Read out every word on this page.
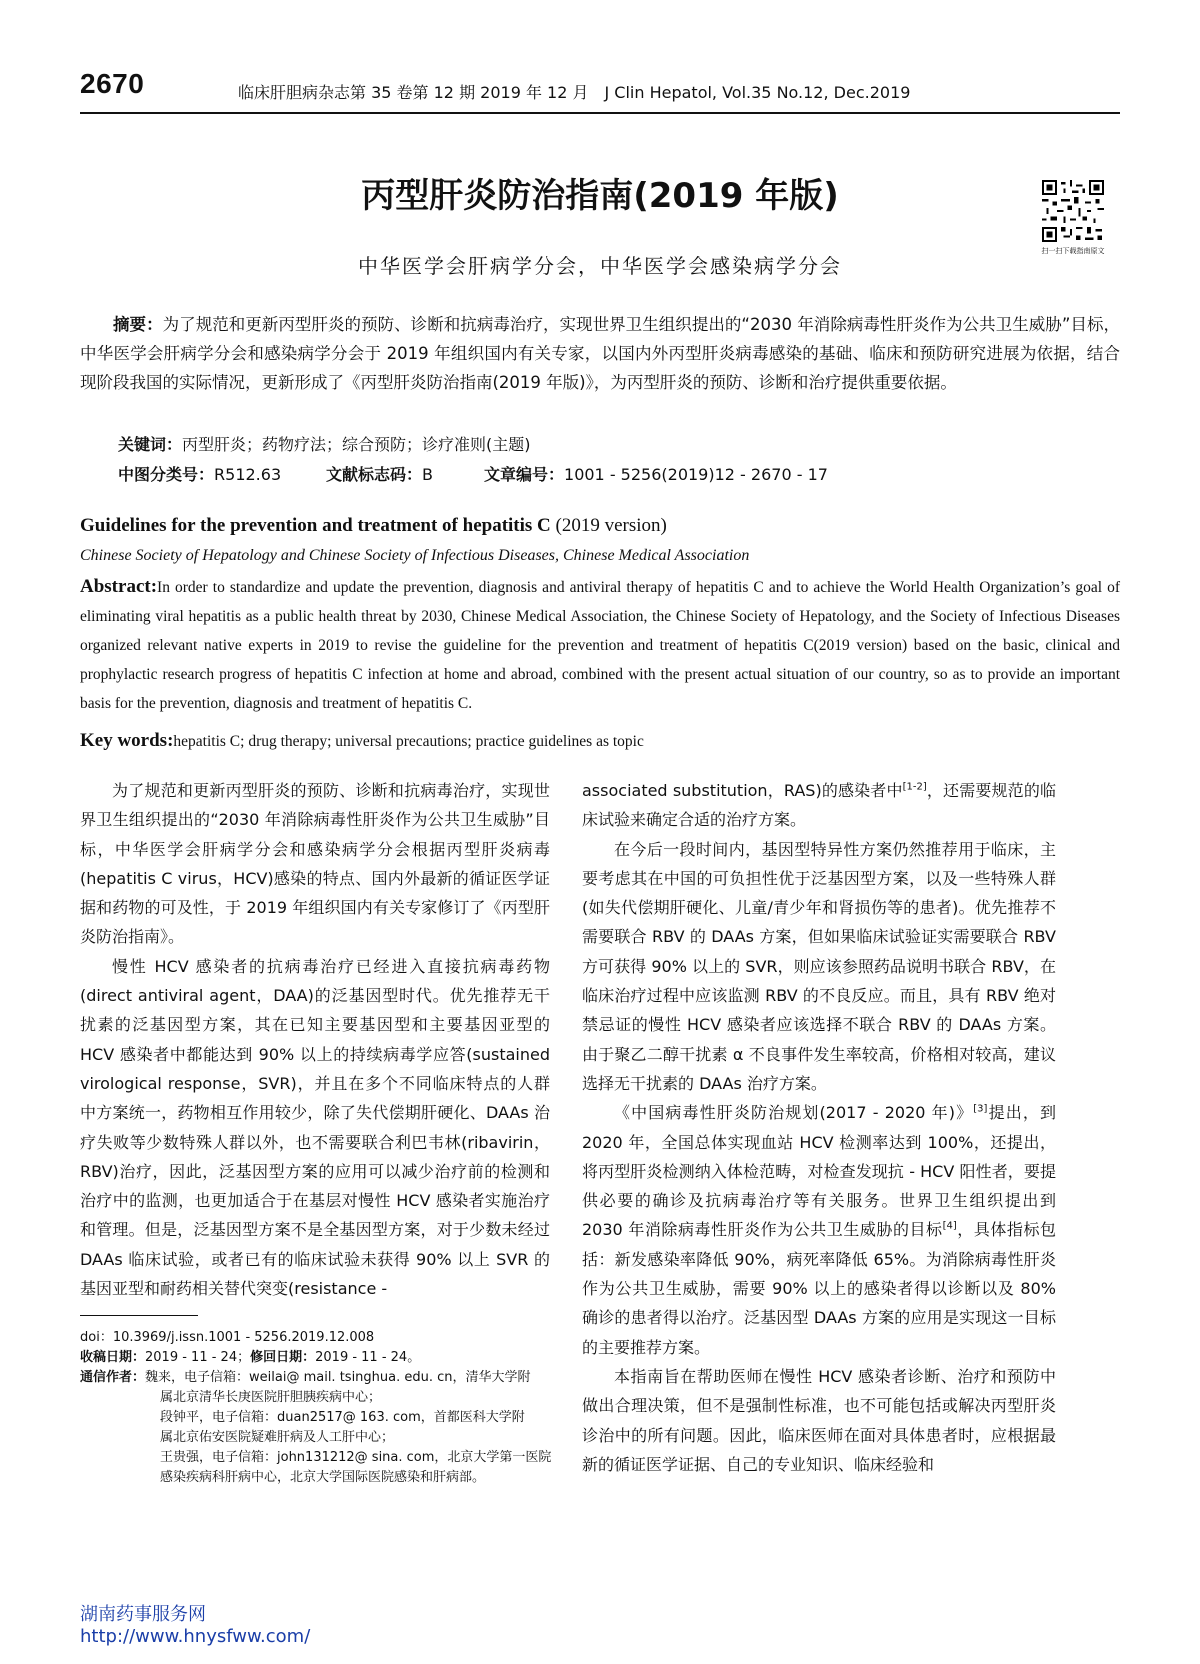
2670	临床肝胆病杂志第 35 卷第 12 期 2019 年 12 月　J Clin Hepatol, Vol.35 No.12, Dec.2019
丙型肝炎防治指南(2019 年版)
扫一扫下载指南原文
中华医学会肝病学分会，中华医学会感染病学分会
摘要：为了规范和更新丙型肝炎的预防、诊断和抗病毒治疗，实现世界卫生组织提出的“2030 年消除病毒性肝炎作为公共卫生威胁”目标，中华医学会肝病学分会和感染病学分会于 2019 年组织国内有关专家，以国内外丙型肝炎病毒感染的基础、临床和预防研究进展为依据，结合现阶段我国的实际情况，更新形成了《丙型肝炎防治指南(2019 年版)》，为丙型肝炎的预防、诊断和治疗提供重要依据。
关键词：丙型肝炎；药物疗法；综合预防；诊疗准则(主题)
中图分类号：R512.63	文献标志码：B	文章编号：1001 - 5256(2019)12 - 2670 - 17
Guidelines for the prevention and treatment of hepatitis C (2019 version)
Chinese Society of Hepatology and Chinese Society of Infectious Diseases, Chinese Medical Association
Abstract:In order to standardize and update the prevention, diagnosis and antiviral therapy of hepatitis C and to achieve the World Health Organization’s goal of eliminating viral hepatitis as a public health threat by 2030, Chinese Medical Association, the Chinese Society of Hepatology, and the Society of Infectious Diseases organized relevant native experts in 2019 to revise the guideline for the prevention and treatment of hepatitis C(2019 version) based on the basic, clinical and prophylactic research progress of hepatitis C infection at home and abroad, combined with the present actual situation of our country, so as to provide an important basis for the prevention, diagnosis and treatment of hepatitis C.
Key words:hepatitis C; drug therapy; universal precautions; practice guidelines as topic

为了规范和更新丙型肝炎的预防、诊断和抗病毒治疗，实现世界卫生组织提出的“2030 年消除病毒性肝炎作为公共卫生威胁”目标，中华医学会肝病学分会和感染病学分会根据丙型肝炎病毒(hepatitis C virus，HCV)感染的特点、国内外最新的循证医学证据和药物的可及性，于 2019 年组织国内有关专家修订了《丙型肝炎防治指南》。

慢性 HCV 感染者的抗病毒治疗已经进入直接抗病毒药物(direct antiviral agent，DAA)的泛基因型时代。优先推荐无干扰素的泛基因型方案，其在已知主要基因型和主要基因亚型的 HCV 感染者中都能达到 90% 以上的持续病毒学应答(sustained virological response，SVR)，并且在多个不同临床特点的人群中方案统一，药物相互作用较少，除了失代偿期肝硬化、DAAs 治疗失败等少数特殊人群以外，也不需要联合利巴韦林(ribavirin，RBV)治疗，因此，泛基因型方案的应用可以减少治疗前的检测和治疗中的监测，也更加适合于在基层对慢性 HCV 感染者实施治疗和管理。但是，泛基因型方案不是全基因型方案，对于少数未经过 DAAs 临床试验，或者已有的临床试验未获得 90% 以上 SVR 的基因亚型和耐药相关替代突变(resistance -

associated substitution，RAS)的感染者中[1-2]，还需要规范的临床试验来确定合适的治疗方案。

在今后一段时间内，基因型特异性方案仍然推荐用于临床，主要考虑其在中国的可负担性优于泛基因型方案，以及一些特殊人群(如失代偿期肝硬化、儿童/青少年和肾损伤等的患者)。优先推荐不需要联合 RBV 的 DAAs 方案，但如果临床试验证实需要联合 RBV 方可获得 90% 以上的 SVR，则应该参照药品说明书联合 RBV，在临床治疗过程中应该监测 RBV 的不良反应。而且，具有 RBV 绝对禁忌证的慢性 HCV 感染者应该选择不联合 RBV 的 DAAs 方案。由于聚乙二醇干扰素 α 不良事件发生率较高，价格相对较高，建议选择无干扰素的 DAAs 治疗方案。

《中国病毒性肝炎防治规划(2017 - 2020 年)》[3]提出，到 2020 年，全国总体实现血站 HCV 检测率达到 100%，还提出，将丙型肝炎检测纳入体检范畴，对检查发现抗 - HCV 阳性者，要提供必要的确诊及抗病毒治疗等有关服务。世界卫生组织提出到 2030 年消除病毒性肝炎作为公共卫生威胁的目标[4]，具体指标包括：新发感染率降低 90%，病死率降低 65%。为消除病毒性肝炎作为公共卫生威胁，需要 90% 以上的感染者得以诊断以及 80% 确诊的患者得以治疗。泛基因型 DAAs 方案的应用是实现这一目标的主要推荐方案。

本指南旨在帮助医师在慢性 HCV 感染者诊断、治疗和预防中做出合理决策，但不是强制性标准，也不可能包括或解决丙型肝炎诊治中的所有问题。因此，临床医师在面对具体患者时，应根据最新的循证医学证据、自己的专业知识、临床经验和

doi：10.3969/j.issn.1001 - 5256.2019.12.008
收稿日期：2019 - 11 - 24；修回日期：2019 - 11 - 24。
通信作者：魏来，电子信箱：weilai@ mail. tsinghua. edu. cn，清华大学附
属北京清华长庚医院肝胆胰疾病中心；
段钟平，电子信箱：duan2517@ 163. com，首都医科大学附
属北京佑安医院疑难肝病及人工肝中心；
王贵强，电子信箱：john131212@ sina. com，北京大学第一医院
感染疾病科肝病中心，北京大学国际医院感染和肝病部。
湖南药事服务网
http://www.hnysfww.com/
